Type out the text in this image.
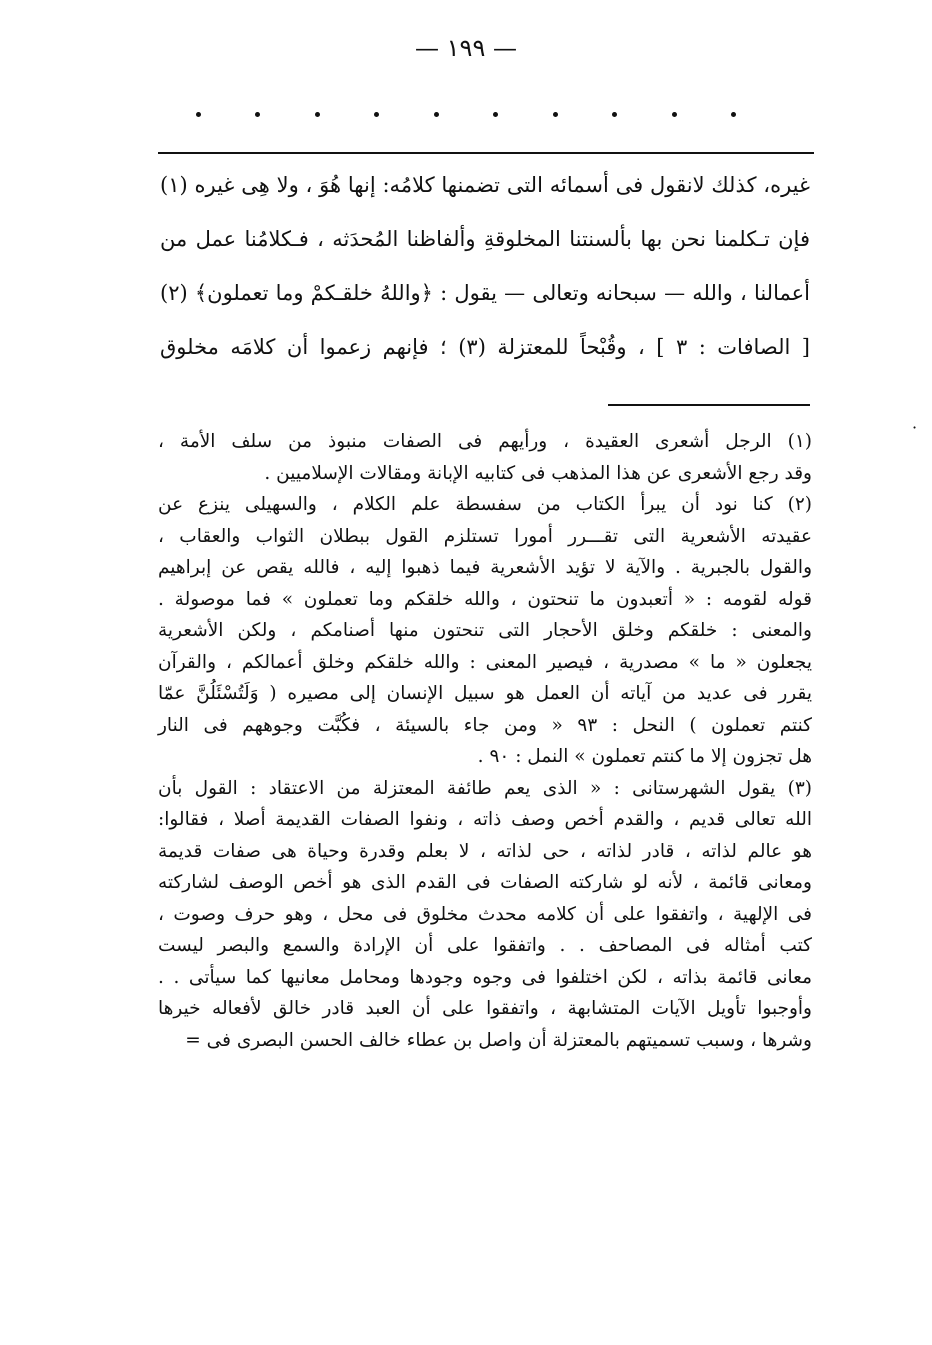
— ١٩٩ —

غيره، كذلك لانقول فى أسمائه التى تضمنها كلامُه: إنها هُوَ ، ولا هِى غيره (١)

فإن تـكلمنا نحن بها بألسنتنا المخلوقةِ وألفاظنا المُحدَثه ، فـكلامُنا عمل من

أعمالنا ، والله — سبحانه وتعالى — يقول : ﴿واللهُ خلقـكمْ وما تعملون﴾ (٢)

[ الصافات : ٣ ] ، وقُبْحاً للمعتزلة (٣) ؛ فإنهم زعموا أن كلامَه مخلوق

·

(١) الرجل أشعرى العقيدة ، ورأيهم فى الصفات منبوذ من سلف الأمة ،
وقد رجع الأشعرى عن هذا المذهب فى كتابيه الإبانة ومقالات الإسلاميين .

(٢) كنا نود أن يبرأ الكتاب من سفسطة علم الكلام ، والسهيلى ينزع عن
عقيدته الأشعرية التى تقـــرر أمورا تستلزم القول ببطلان الثواب والعقاب ،
والقول بالجبرية . والآية لا تؤيد الأشعرية فيما ذهبوا إليه ، فالله يقص عن إبراهيم
قوله لقومه : « أتعبدون ما تنحتون ، والله خلقكم وما تعملون » فما موصولة .
والمعنى : خلقكم وخلق الأحجار التى تنحتون منها أصنامكم ، ولكن الأشعرية
يجعلون « ما » مصدرية ، فيصير المعنى : والله خلقكم وخلق أعمالكم ، والقرآن
يقرر فى عديد من آياته أن العمل هو سبيل الإنسان إلى مصيره ( وَلَتُسْئَلُنَّ عمّا
كنتم تعملون ) النحل : ٩٣ « ومن جاء بالسيئة ، فكُبَّت وجوههم فى النار
هل تجزون إلا ما كنتم تعملون » النمل : ٩٠ .

(٣) يقول الشهرستانى : « الذى يعم طائفة المعتزلة من الاعتقاد : القول بأن
الله تعالى قديم ، والقدم أخص وصف ذاته ، ونفوا الصفات القديمة أصلا ، فقالوا:
هو عالم لذاته ، قادر لذاته ، حى لذاته ، لا بعلم وقدرة وحياة هى صفات قديمة
ومعانى قائمة ، لأنه لو شاركته الصفات فى القدم الذى هو أخص الوصف لشاركته
فى الإلهية ، واتفقوا على أن كلامه محدث مخلوق فى محل ، وهو حرف وصوت ،
كتب أمثاله فى المصاحف . . واتفقوا على أن الإرادة والسمع والبصر ليست
معانى قائمة بذاته ، لكن اختلفوا فى وجوه وجودها ومحامل معانيها كما سيأتى . .
وأوجبوا تأويل الآيات المتشابهة ، واتفقوا على أن العبد قادر خالق لأفعاله خيرها
وشرها ، وسبب تسميتهم بالمعتزلة أن واصل بن عطاء خالف الحسن البصرى فى =
